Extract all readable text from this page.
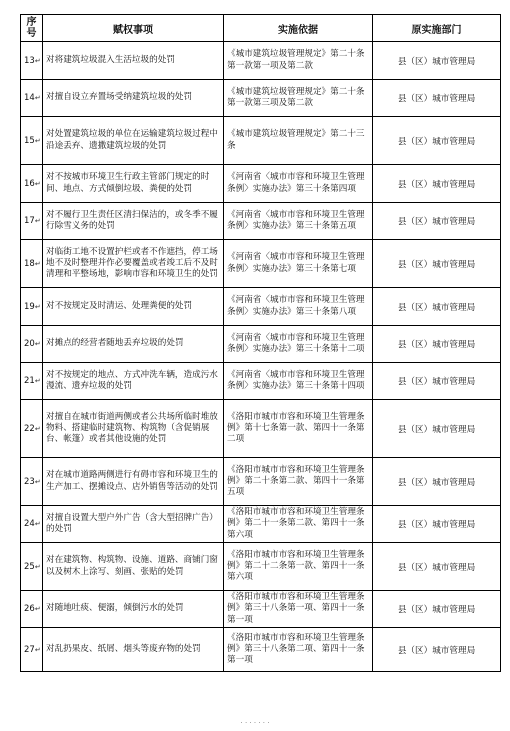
序号	赋权事项	实施依据	原实施部门
13↵	对将建筑垃圾混入生活垃圾的处罚	《城市建筑垃圾管理规定》第二十条第一款第一项及第二款	县（区）城市管理局
14↵	对擅自设立弃置场受纳建筑垃圾的处罚	《城市建筑垃圾管理规定》第二十条第一款第三项及第二款	县（区）城市管理局
15↵	对处置建筑垃圾的单位在运输建筑垃圾过程中沿途丢弃、遗撒建筑垃圾的处罚	《城市建筑垃圾管理规定》第二十三条	县（区）城市管理局
16↵	对不按城市环境卫生行政主管部门规定的时间、地点、方式倾倒垃圾、粪便的处罚	《河南省〈城市市容和环境卫生管理条例〉实施办法》第三十条第四项	县（区）城市管理局
17↵	对不履行卫生责任区清扫保洁的，或冬季不履行除雪义务的处罚	《河南省〈城市市容和环境卫生管理条例〉实施办法》第三十条第五项	县（区）城市管理局
18↵	对临街工地不设置护栏或者不作遮挡，停工场地不及时整理并作必要覆盖或者竣工后不及时清理和平整场地，影响市容和环境卫生的处罚	《河南省〈城市市容和环境卫生管理条例〉实施办法》第三十条第七项	县（区）城市管理局
19↵	对不按规定及时清运、处理粪便的处罚	《河南省〈城市市容和环境卫生管理条例〉实施办法》第三十条第八项	县（区）城市管理局
20↵	对摊点的经营者随地丢弃垃圾的处罚	《河南省〈城市市容和环境卫生管理条例〉实施办法》第三十条第十二项	县（区）城市管理局
21↵	对不按规定的地点、方式冲洗车辆，造成污水漫流、遗弃垃圾的处罚	《河南省〈城市市容和环境卫生管理条例〉实施办法》第三十条第十四项	县（区）城市管理局
22↵	对擅自在城市街道两侧或者公共场所临时堆放物料、搭建临时建筑物、构筑物（含促销展台、帐篷）或者其他设施的处罚	《洛阳市城市市容和环境卫生管理条例》第十七条第一款、第四十一条第二项	县（区）城市管理局
23↵	对在城市道路两侧进行有碍市容和环境卫生的生产加工、摆摊设点、店外销售等活动的处罚	《洛阳市城市市容和环境卫生管理条例》第二十条第二款、第四十一条第五项	县（区）城市管理局
24↵	对擅自设置大型户外广告（含大型招牌广告）的处罚	《洛阳市城市市容和环境卫生管理条例》第二十一条第二款、第四十一条第六项	县（区）城市管理局
25↵	对在建筑物、构筑物、设施、道路、商铺门窗以及树木上涂写、刻画、张贴的处罚	《洛阳市城市市容和环境卫生管理条例》第二十二条第一款、第四十一条第六项	县（区）城市管理局
26↵	对随地吐痰、便溺，倾倒污水的处罚	《洛阳市城市市容和环境卫生管理条例》第三十八条第一项、第四十一条第一项	县（区）城市管理局
27↵	对乱扔果皮、纸屑、烟头等废弃物的处罚	《洛阳市城市市容和环境卫生管理条例》第三十八条第二项、第四十一条第一项	县（区）城市管理局
· · · · · · ·
